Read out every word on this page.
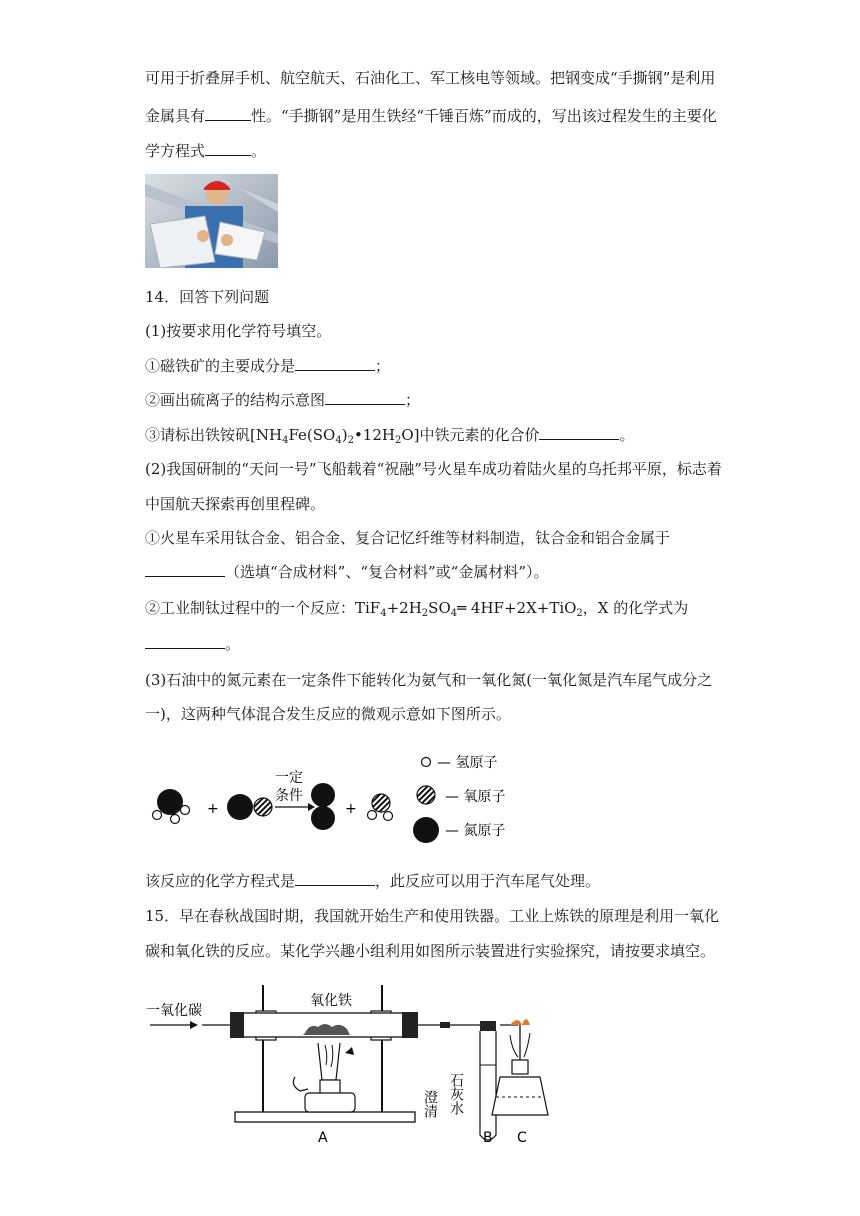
可用于折叠屏手机、航空航天、石油化工、军工核电等领域。把钢变成“手撕钢”是利用
金属具有	性。“手撕钢”是用生铁经“千锤百炼”而成的，写出该过程发生的主要化
学方程式	。
14．回答下列问题
(1)按要求用化学符号填空。
①磁铁矿的主要成分是	；
②画出硫离子的结构示意图	；
③请标出铁铵矾$[NH_4Fe(SO_4)_2•12H_2O]$中铁元素的化合价	。
(2)我国研制的“天问一号”飞船载着“祝融”号火星车成功着陆火星的乌托邦平原，标志着
中国航天探索再创里程碑。
①火星车采用钛合金、铝合金、复合记忆纤维等材料制造，钛合金和铝合金属于
（选填“合成材料”、“复合材料”或“金属材料”）。
②工业制钛过程中的一个反应：$TiF_4+2H_2SO_4═$ 4HF+2X+TiO$_2$，X 的化学式为
。
(3)石油中的氮元素在一定条件下能转化为氨气和一氧化氮(一氧化氮是汽车尾气成分之
一)，这两种气体混合发生反应的微观示意如下图所示。
+
一定
条件
+
— 氢原子
— 氧原子
— 氮原子
该反应的化学方程式是	，此反应可以用于汽车尾气处理。
15．早在春秋战国时期，我国就开始生产和使用铁器。工业上炼铁的原理是利用一氧化
碳和氧化铁的反应。某化学兴趣小组利用如图所示装置进行实验探究，请按要求填空。
一氧化碳
氧化铁
澄清 石灰水
A	B C
